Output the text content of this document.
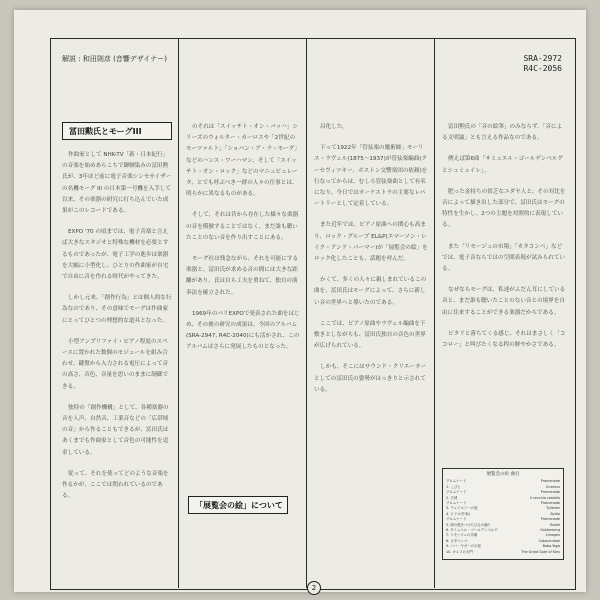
解説 : 和田則彦 (音響デザイナー)	SRA-2972
R4C-2056
冨田勲氏とモーグIII

作曲家として NHK-TV「新・日本紀行」の音楽を始めあらこちで御馴染みの冨田勲氏が、3年ほど前に電子音楽シンセサイザーの名機モーグ III の日本第一号機を入手して以来、その楽器の研究に打ち込んでいた成果がこのレコードである。

EXPO '70 の頃までは、電子音楽と言えば大きなスタジオと特殊な機材を必要とするものであったが、電子工学の進歩は楽器を大幅に小型化し、ひとりの作曲家が自宅で自由に音を作れる時代がやってきた。

しかし元来、「創作行為」とは個人的な行為なのであり、その意味でモーグは作曲家にとってひとつの理想的な道具となった。

小型アンプリファイ・ピアノ程度のスペースに置かれた数個のモジュールを組み合わせ、鍵盤から入力される電圧によって音の高さ、音色、音量を思いのままに制御できる。

独特の「創作機構」として、各種楽器の音を人声、自然音、工業音などの「広帯域の音」から作ることもできるが、冨田氏はあくまでも作曲家として音色の可能性を追求している。

従って、それを使ってどのような音楽を作るかが、ここでは問われているのである。

のそれは「スイッチト・オン・バッハ」シリーズのウォルター・カーロスや「2世紀のモーツァルト」「ショパン・ア・ラ・モーグ」などのハンス・ワーハマン、そして「スイッチト・オン・ロック」などのマニュピュレータ、とでも呼ぶべき一群の人々の仕事とは、明らかに異なるものがある。

そして、それは昔から存在した様々な楽器の音を模倣することではなく、まだ誰も聴いたことのない音を作り出すことにある。

モーグ社は残念ながら、それを可能にする楽器と、冨田氏が求める音の間には大きな距離があり、氏は自ら工夫を重ねて、独自の演奏法を確立された。

1969年のパリEXPOで発表された曲をはじめ、その後の研究の成果は、今回のアルバム(SRA-2947, R4C-2040)にも活かされ、このアルバムはさらに発展したものとなった。

「展覧会の絵」について

昌化した。

下って1922年「管弦楽の魔術師」モーリス・ラヴェル(1875〜1937)が管弦楽編曲(クーセヴィツキー、ボストン交響楽団の依頼)を行なってからは、むしろ管弦楽曲として有名になり、今日ではオーケストラの主要なレパートリーとして定着している。

また近年では、ピアノ原曲への関心も高まり、ロック・グループ EL&P(エマーソン・レイク・アンド・パーマー)が「展覧会の絵」をロック化したことも、話題を呼んだ。

かくて、多くの人々に親しまれているこの曲を、冨田氏はモーグによって、さらに新しい音の世界へと導いたのである。

ここでは、ピアノ原曲やラヴェル編曲を下敷きとしながらも、冨田氏独自の音色の世界が広げられている。

しかも、そこにはサウンド・クリエーターとしての冨田氏の姿勢がはっきりと示されている。

冨田勲氏の「音の絵筆」のみならず、「音による文明論」とも言える作品なのである。

例えば第6曲「サミュエル・ゴールデンベルグとシュミュイレ」。

肥った金持ちの貧乏なユダヤ人と、その対比を音によって描き出した部分で、冨田氏はモーグの特性を生かし、2つの主題を対照的に表現している。

また「リモージュの市場」「カタコンベ」などでは、電子音ならではの空間表現が試みられている。

なぜならモーグは、私達がふだん耳にしている音と、まだ誰も聴いたことのない音との境界を自由に往来することができる楽器だからである。

ピタリと落ちてくる感じ、それはまさしく「ココロー」と叫びたくなる程の鮮やかさである。

展覧会の絵 曲目
プロムナード	Promenade
1. こびと	Gnomus
プロムナード	Promenade
2. 古城	Il vecchio castello
プロムナード	Promenade
3. テュイルリーの庭	Tuileries
4. ビドロ(牛車)	Bydlo
プロムナード	Promenade
5. 卵の殻をつけたひなの踊り	Ballet
6. サミュエル・ゴールデンベルグ	Goldenberg
7. リモージュの市場	Limoges
8. カタコンベ	Catacombae
9. ババ・ヤガーの小屋	Baba-Yaga
10. キエフの大門	The Great Gate of Kiev
2
